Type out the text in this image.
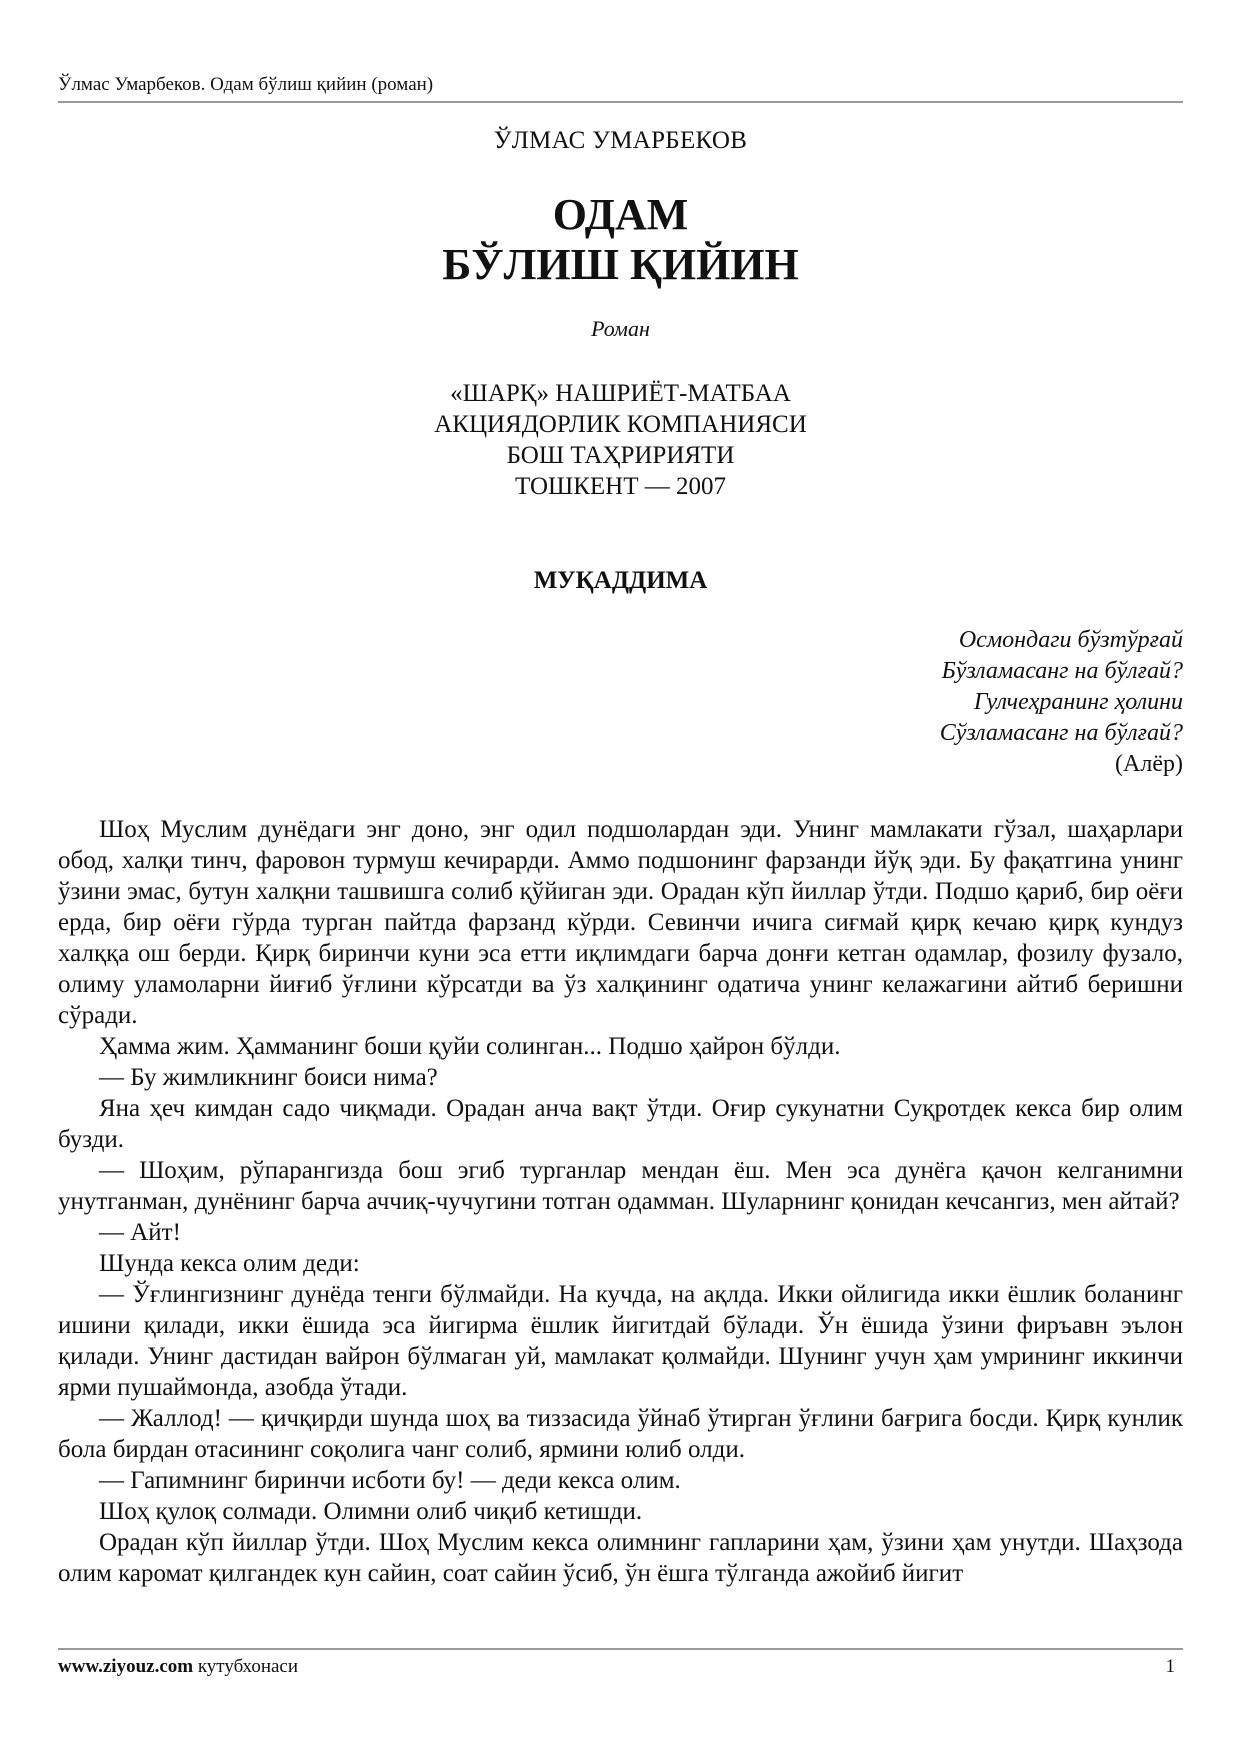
Ўлмас Умарбеков. Одам бўлиш қийин (роман)
ЎЛМАС УМАРБЕКОВ
ОДАМ
БЎЛИШ ҚИЙИН
Роман
«ШАРҚ» НАШРИЁТ-МАТБАА
АКЦИЯДОРЛИК КОМПАНИЯСИ
БОШ ТАҲРИРИЯТИ
ТОШКЕНТ — 2007
МУҚАДДИМА
Осмондаги бўзтўрғай
Бўзламасанг на бўлғай?
Гулчеҳранинг ҳолини
Сўзламасанг на бўлғай?
(Алёр)

Шоҳ Муслим дунёдаги энг доно, энг одил подшолардан эди. Унинг мамлакати гўзал, шаҳарлари обод, халқи тинч, фаровон турмуш кечирарди. Аммо подшонинг фарзанди йўқ эди. Бу фақатгина унинг ўзини эмас, бутун халқни ташвишга солиб қўйиган эди. Орадан кўп йиллар ўтди. Подшо қариб, бир оёғи ерда, бир оёғи гўрда турган пайтда фарзанд кўрди. Севинчи ичига сиғмай қирқ кечаю қирқ кундуз халққа ош берди. Қирқ биринчи куни эса етти иқлимдаги барча донғи кетган одамлар, фозилу фузало, олиму уламоларни йиғиб ўғлини кўрсатди ва ўз халқининг одатича унинг келажагини айтиб беришни сўради.

Ҳамма жим. Ҳамманинг боши қуйи солинган... Подшо ҳайрон бўлди.

— Бу жимликнинг боиси нима?

Яна ҳеч кимдан садо чиқмади. Орадан анча вақт ўтди. Оғир сукунатни Суқротдек кекса бир олим бузди.

— Шоҳим, рўпарангизда бош эгиб турганлар мендан ёш. Мен эса дунёга қачон келганимни унутганман, дунёнинг барча аччиқ-чучугини тотган одамман. Шуларнинг қонидан кечсангиз, мен айтай?

— Айт!

Шунда кекса олим деди:

— Ўғлингизнинг дунёда тенги бўлмайди. На кучда, на ақлда. Икки ойлигида икки ёшлик боланинг ишини қилади, икки ёшида эса йигирма ёшлик йигитдай бўлади. Ўн ёшида ўзини фиръавн эълон қилади. Унинг дастидан вайрон бўлмаган уй, мамлакат қолмайди. Шунинг учун ҳам умрининг иккинчи ярми пушаймонда, азобда ўтади.

— Жаллод! — қичқирди шунда шоҳ ва тиззасида ўйнаб ўтирган ўғлини бағрига босди. Қирқ кунлик бола бирдан отасининг соқолига чанг солиб, ярмини юлиб олди.

— Гапимнинг биринчи исботи бу! — деди кекса олим.

Шоҳ қулоқ солмади. Олимни олиб чиқиб кетишди.

Орадан кўп йиллар ўтди. Шоҳ Муслим кекса олимнинг гапларини ҳам, ўзини ҳам унутди. Шаҳзода олим каромат қилгандек кун сайин, соат сайин ўсиб, ўн ёшга тўлганда ажойиб йигит

www.ziyouz.com кутубхонаси	1
